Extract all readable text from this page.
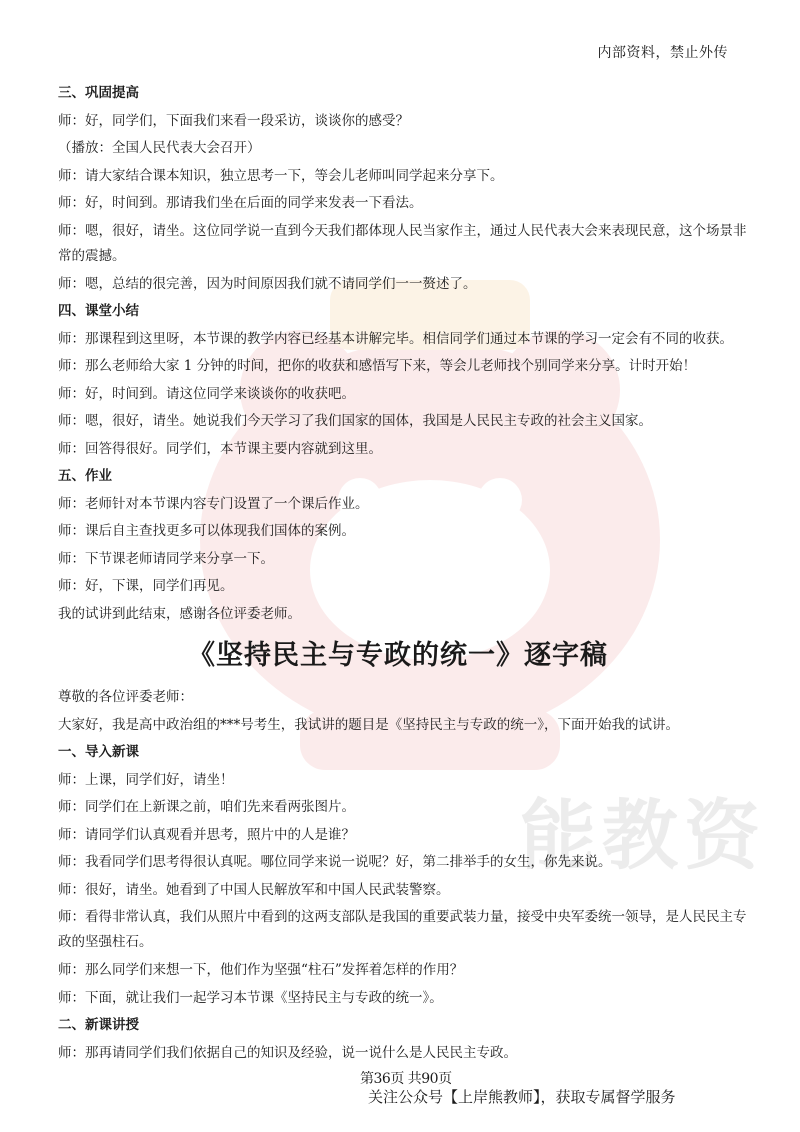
能教资
内部资料，禁止外传
三、巩固提高
师：好，同学们，下面我们来看一段采访，谈谈你的感受？
（播放：全国人民代表大会召开）
师：请大家结合课本知识，独立思考一下，等会儿老师叫同学起来分享下。
师：好，时间到。那请我们坐在后面的同学来发表一下看法。
师：嗯，很好，请坐。这位同学说一直到今天我们都体现人民当家作主，通过人民代表大会来表现民意，这个场景非常的震撼。
师：嗯，总结的很完善，因为时间原因我们就不请同学们一一赘述了。
四、课堂小结
师：那课程到这里呀，本节课的教学内容已经基本讲解完毕。相信同学们通过本节课的学习一定会有不同的收获。
师：那么老师给大家 1 分钟的时间，把你的收获和感悟写下来，等会儿老师找个别同学来分享。计时开始！
师：好，时间到。请这位同学来谈谈你的收获吧。
师：嗯，很好，请坐。她说我们今天学习了我们国家的国体，我国是人民民主专政的社会主义国家。
师：回答得很好。同学们，本节课主要内容就到这里。
五、作业
师：老师针对本节课内容专门设置了一个课后作业。
师：课后自主查找更多可以体现我们国体的案例。
师：下节课老师请同学来分享一下。
师：好，下课，同学们再见。
我的试讲到此结束，感谢各位评委老师。
《坚持民主与专政的统一》逐字稿
尊敬的各位评委老师：
大家好，我是高中政治组的***号考生，我试讲的题目是《坚持民主与专政的统一》，下面开始我的试讲。
一、导入新课
师：上课，同学们好，请坐！
师：同学们在上新课之前，咱们先来看两张图片。
师：请同学们认真观看并思考，照片中的人是谁？
师：我看同学们思考得很认真呢。哪位同学来说一说呢？好，第二排举手的女生，你先来说。
师：很好，请坐。她看到了中国人民解放军和中国人民武装警察。
师：看得非常认真，我们从照片中看到的这两支部队是我国的重要武装力量，接受中央军委统一领导，是人民民主专政的坚强柱石。
师：那么同学们来想一下，他们作为坚强“柱石”发挥着怎样的作用？
师：下面，就让我们一起学习本节课《坚持民主与专政的统一》。
二、新课讲授
师：那再请同学们我们依据自己的知识及经验，说一说什么是人民民主专政。
第36页 共90页
关注公众号【上岸熊教师】，获取专属督学服务
